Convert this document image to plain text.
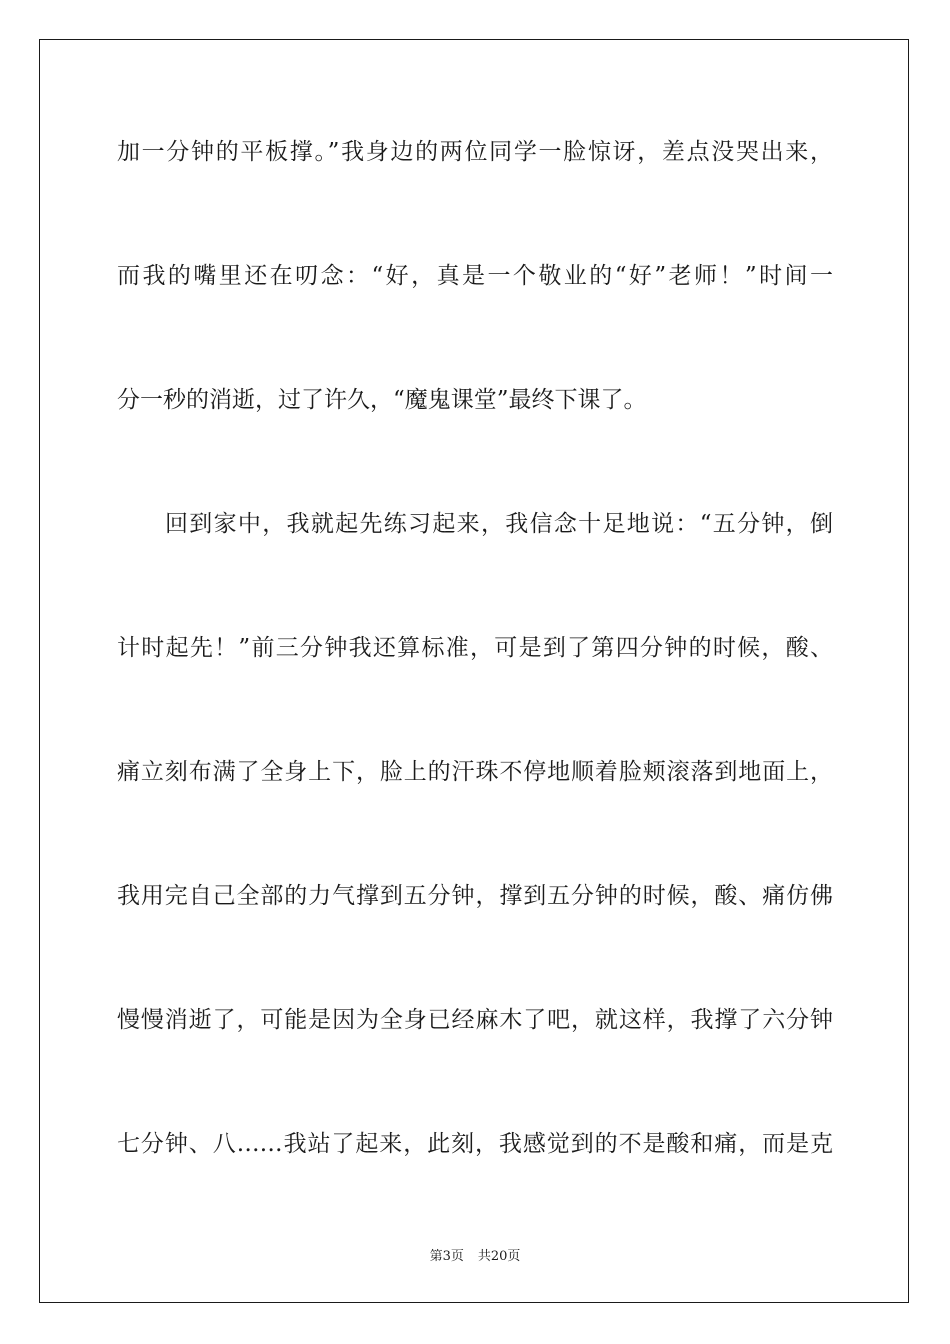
加一分钟的平板撑。”我身边的两位同学一脸惊讶，差点没哭出来，
而我的嘴里还在叨念：“好，真是一个敬业的“好”老师！”时间一
分一秒的消逝，过了许久，“魔鬼课堂”最终下课了。
回到家中，我就起先练习起来，我信念十足地说：“五分钟，倒
计时起先！”前三分钟我还算标准，可是到了第四分钟的时候，酸、
痛立刻布满了全身上下，脸上的汗珠不停地顺着脸颊滚落到地面上，
我用完自己全部的力气撑到五分钟，撑到五分钟的时候，酸、痛仿佛
慢慢消逝了，可能是因为全身已经麻木了吧，就这样，我撑了六分钟
七分钟、八……我站了起来，此刻，我感觉到的不是酸和痛，而是克
第3页 共20页
